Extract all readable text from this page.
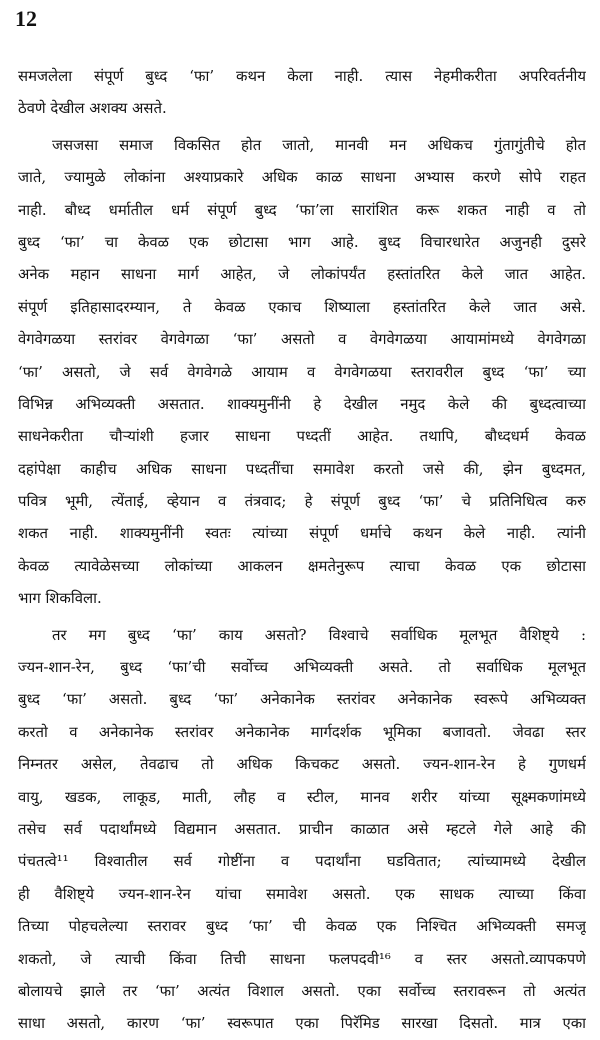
12
समजलेला संपूर्ण बुध्द ‘फा’ कथन केला नाही. त्यास नेहमीकरीता अपरिवर्तनीय
ठेवणे देखील अशक्य असते.
जसजसा समाज विकसित होत जातो, मानवी मन अधिकच गुंतागुंतीचे होत
जाते, ज्यामुळे लोकांना अश्याप्रकारे अधिक काळ साधना अभ्यास करणे सोपे राहत
नाही. बौध्द धर्मातील धर्म संपूर्ण बुध्द ‘फा’ला सारांशित करू शकत नाही व तो
बुध्द ‘फा’ चा केवळ एक छोटासा भाग आहे. बुध्द विचारधारेत अजुनही दुसरे
अनेक महान साधना मार्ग आहेत, जे लोकांपर्यंत हस्तांतरित केले जात आहेत.
संपूर्ण इतिहासादरम्यान, ते केवळ एकाच शिष्याला हस्तांतरित केले जात असे.
वेगवेगळया स्तरांवर वेगवेगळा ‘फा’ असतो व वेगवेगळया आयामांमध्ये वेगवेगळा
‘फा’ असतो, जे सर्व वेगवेगळे आयाम व वेगवेगळया स्तरावरील बुध्द ‘फा’ च्या
विभिन्न अभिव्यक्ती असतात. शाक्यमुनींनी हे देखील नमुद केले की बुध्दत्वाच्या
साधनेकरीता चौऱ्यांशी हजार साधना पध्दतीं आहेत. तथापि, बौध्दधर्म केवळ
दहांपेक्षा काहीच अधिक साधना पध्दतींचा समावेश करतो जसे की, झेन बुध्दमत,
पवित्र भूमी, त्येंताई, व्हेयान व तंत्रवाद; हे संपूर्ण बुध्द ‘फा’ चे प्रतिनिधित्व करु
शकत नाही. शाक्यमुनींनी स्वतः त्यांच्या संपूर्ण धर्माचे कथन केले नाही. त्यांनी
केवळ त्यावेळेसच्या लोकांच्या आकलन क्षमतेनुरूप त्याचा केवळ एक छोटासा
भाग शिकविला.
तर मग बुध्द ‘फा’ काय असतो? विश्वाचे सर्वाधिक मूलभूत वैशिष्ट्ये :
ज्यन-शान-रेन, बुध्द ‘फा’ची सर्वोच्च अभिव्यक्ती असते. तो सर्वाधिक मूलभूत
बुध्द ‘फा’ असतो. बुध्द ‘फा’ अनेकानेक स्तरांवर अनेकानेक स्वरूपे अभिव्यक्त
करतो व अनेकानेक स्तरांवर अनेकानेक मार्गदर्शक भूमिका बजावतो. जेवढा स्तर
निम्नतर असेल, तेवढाच तो अधिक किचकट असतो. ज्यन-शान-रेन हे गुणधर्म
वायु, खडक, लाकूड, माती, लौह व स्टील, मानव शरीर यांच्या सूक्ष्मकणांमध्ये
तसेच सर्व पदार्थांमध्ये विद्यमान असतात. प्राचीन काळात असे म्हटले गेले आहे की
पंचतत्वे¹¹ विश्वातील सर्व गोष्टींना व पदार्थांना घडवितात; त्यांच्यामध्ये देखील
ही वैशिष्ट्ये ज्यन-शान-रेन यांचा समावेश असतो. एक साधक त्याच्या किंवा
तिच्या पोहचलेल्या स्तरावर बुध्द ‘फा’ ची केवळ एक निश्चित अभिव्यक्ती समजू
शकतो, जे त्याची किंवा तिची साधना फलपदवी¹⁶ व स्तर असतो.व्यापकपणे
बोलायचे झाले तर ‘फा’ अत्यंत विशाल असतो. एका सर्वोच्च स्तरावरून तो अत्यंत
साधा असतो, कारण ‘फा’ स्वरूपात एका पिरॅमिड सारखा दिसतो. मात्र एका
